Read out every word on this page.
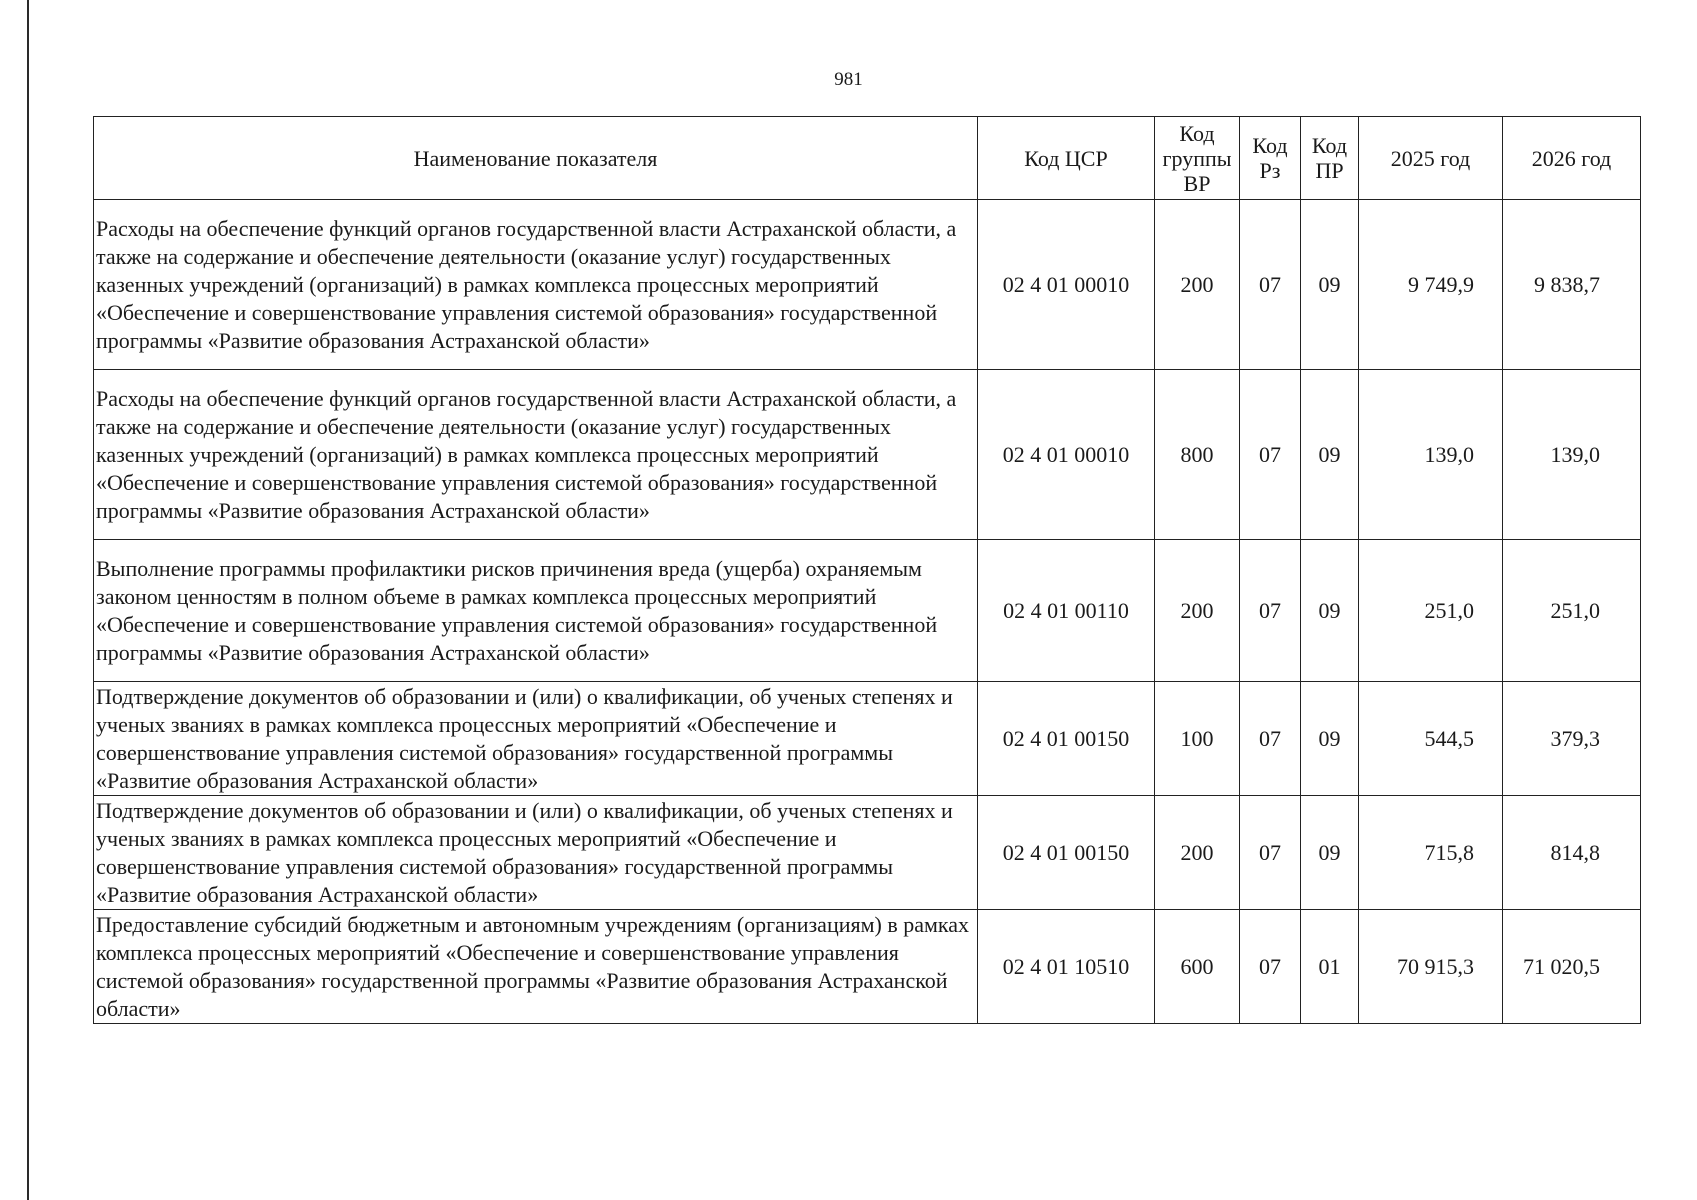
981
Наименование показателя	Код ЦСР	Код группы ВР	Код Рз	Код ПР	2025 год	2026 год
Расходы на обеспечение функций органов государственной власти Астраханской области, а также на содержание и обеспечение деятельности (оказание услуг) государственных казенных учреждений (организаций) в рамках комплекса процессных мероприятий «Обеспечение и совершенствование управления системой образования» государственной программы «Развитие образования Астраханской области»	02 4 01 00010	200	07	09	9 749,9	9 838,7
Расходы на обеспечение функций органов государственной власти Астраханской области, а также на содержание и обеспечение деятельности (оказание услуг) государственных казенных учреждений (организаций) в рамках комплекса процессных мероприятий «Обеспечение и совершенствование управления системой образования» государственной программы «Развитие образования Астраханской области»	02 4 01 00010	800	07	09	139,0	139,0
Выполнение программы профилактики рисков причинения вреда (ущерба) охраняемым законом ценностям в полном объеме в рамках комплекса процессных мероприятий «Обеспечение и совершенствование управления системой образования» государственной программы «Развитие образования Астраханской области»	02 4 01 00110	200	07	09	251,0	251,0
Подтверждение документов об образовании и (или) о квалификации, об ученых степенях и ученых званиях в рамках комплекса процессных мероприятий «Обеспечение и совершенствование управления системой образования» государственной программы «Развитие образования Астраханской области»	02 4 01 00150	100	07	09	544,5	379,3
Подтверждение документов об образовании и (или) о квалификации, об ученых степенях и ученых званиях в рамках комплекса процессных мероприятий «Обеспечение и совершенствование управления системой образования» государственной программы «Развитие образования Астраханской области»	02 4 01 00150	200	07	09	715,8	814,8
Предоставление субсидий бюджетным и автономным учреждениям (организациям) в рамках комплекса процессных мероприятий «Обеспечение и совершенствование управления системой образования» государственной программы «Развитие образования Астраханской области»	02 4 01 10510	600	07	01	70 915,3	71 020,5
